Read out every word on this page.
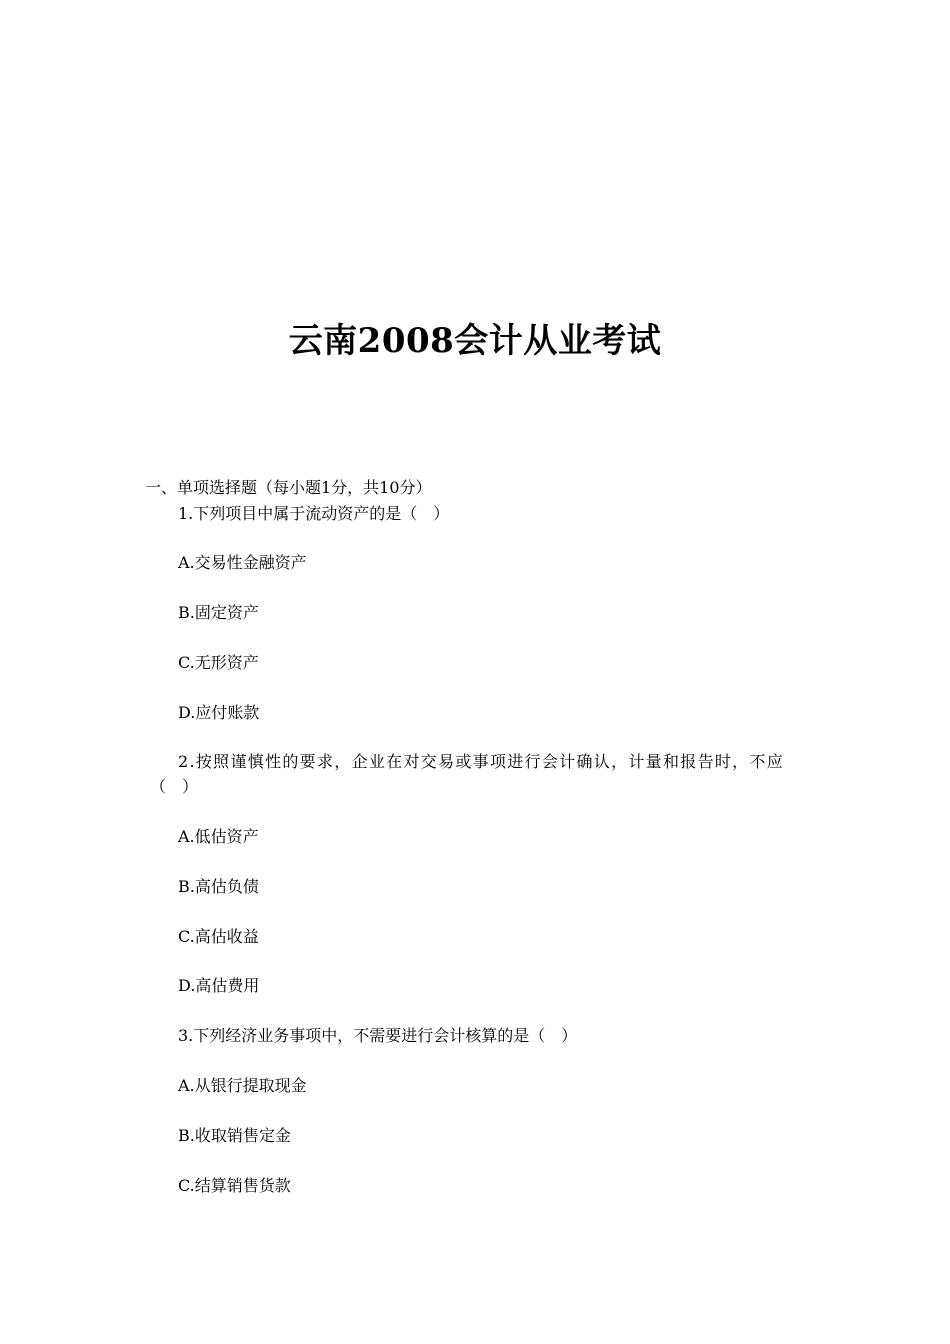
云南2008会计从业考试
一、单项选择题（每小题1分，共10分）
1.下列项目中属于流动资产的是（　）
A.交易性金融资产
B.固定资产
C.无形资产
D.应付账款
2.按照谨慎性的要求，企业在对交易或事项进行会计确认，计量和报告时，不应
（　）
A.低估资产
B.高估负债
C.高估收益
D.高估费用
3.下列经济业务事项中，不需要进行会计核算的是（　）
A.从银行提取现金
B.收取销售定金
C.结算销售货款
